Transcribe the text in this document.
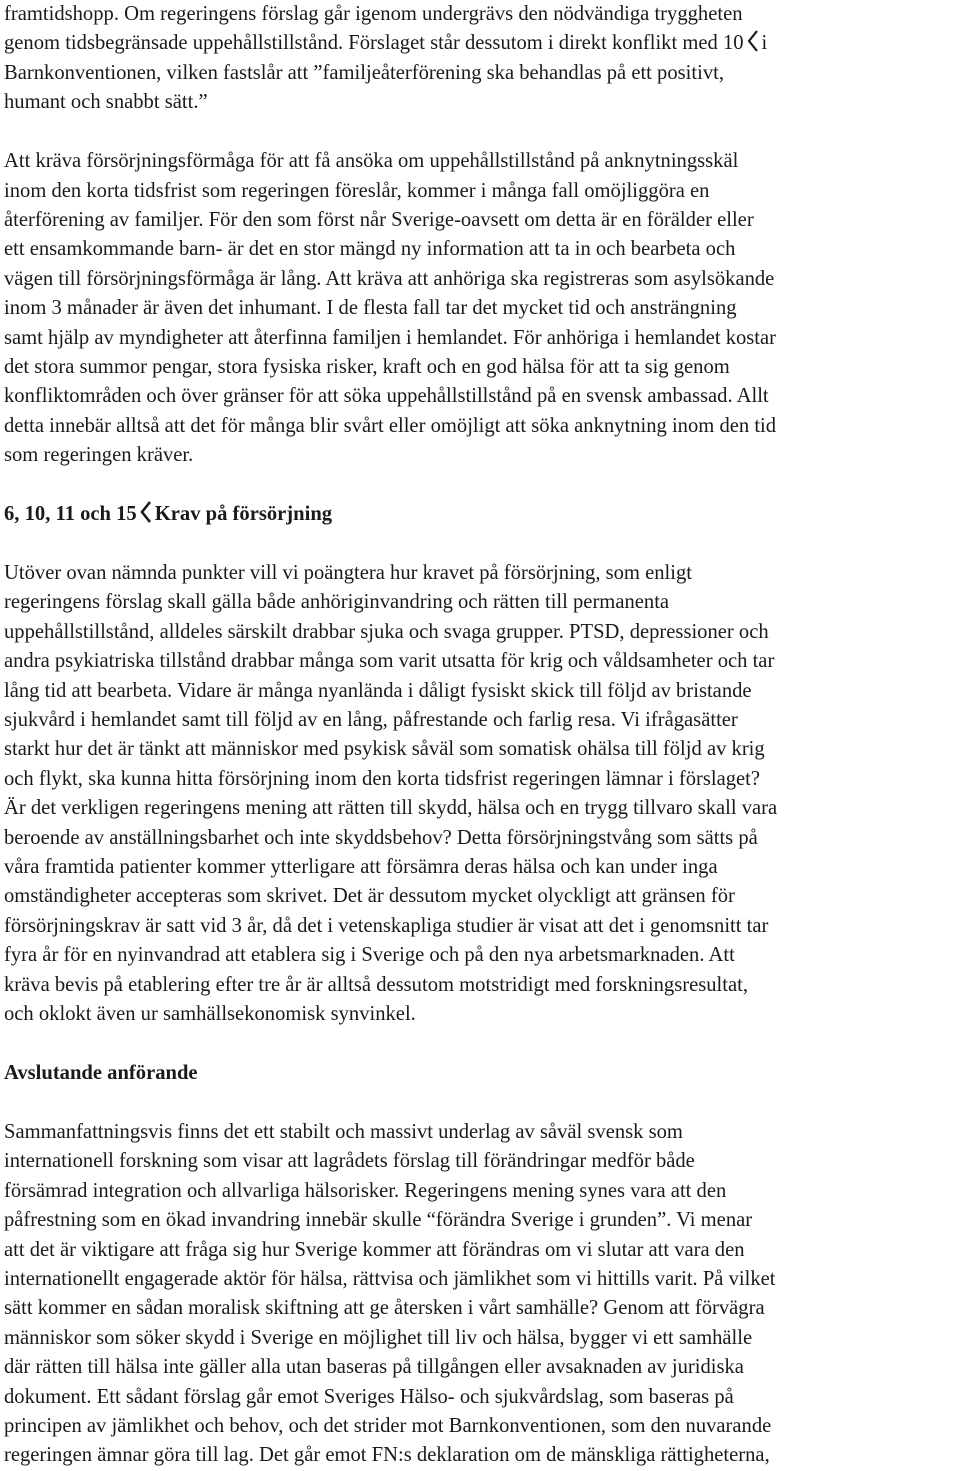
framtidshopp. Om regeringens förslag går igenom undergrävs den nödvändiga tryggheten
genom tidsbegränsade uppehållstillstånd. Förslaget står dessutom i direkt konflikt med 10 i
Barnkonventionen, vilken fastslår att ”familjeåterförening ska behandlas på ett positivt,
humant och snabbt sätt.”

Att kräva försörjningsförmåga för att få ansöka om uppehållstillstånd på anknytningsskäl
inom den korta tidsfrist som regeringen föreslår, kommer i många fall omöjliggöra en
återförening av familjer. För den som först når Sverige-oavsett om detta är en förälder eller
ett ensamkommande barn- är det en stor mängd ny information att ta in och bearbeta och
vägen till försörjningsförmåga är lång. Att kräva att anhöriga ska registreras som asylsökande
inom 3 månader är även det inhumant. I de flesta fall tar det mycket tid och ansträngning
samt hjälp av myndigheter att återfinna familjen i hemlandet. För anhöriga i hemlandet kostar
det stora summor pengar, stora fysiska risker, kraft och en god hälsa för att ta sig genom
konfliktområden och över gränser för att söka uppehållstillstånd på en svensk ambassad. Allt
detta innebär alltså att det för många blir svårt eller omöjligt att söka anknytning inom den tid
som regeringen kräver.

6, 10, 11 och 15 Krav på försörjning

Utöver ovan nämnda punkter vill vi poängtera hur kravet på försörjning, som enligt
regeringens förslag skall gälla både anhöriginvandring och rätten till permanenta
uppehållstillstånd, alldeles särskilt drabbar sjuka och svaga grupper. PTSD, depressioner och
andra psykiatriska tillstånd drabbar många som varit utsatta för krig och våldsamheter och tar
lång tid att bearbeta. Vidare är många nyanlända i dåligt fysiskt skick till följd av bristande
sjukvård i hemlandet samt till följd av en lång, påfrestande och farlig resa. Vi ifrågasätter
starkt hur det är tänkt att människor med psykisk såväl som somatisk ohälsa till följd av krig
och flykt, ska kunna hitta försörjning inom den korta tidsfrist regeringen lämnar i förslaget?
Är det verkligen regeringens mening att rätten till skydd, hälsa och en trygg tillvaro skall vara
beroende av anställningsbarhet och inte skyddsbehov? Detta försörjningstvång som sätts på
våra framtida patienter kommer ytterligare att försämra deras hälsa och kan under inga
omständigheter accepteras som skrivet. Det är dessutom mycket olyckligt att gränsen för
försörjningskrav är satt vid 3 år, då det i vetenskapliga studier är visat att det i genomsnitt tar
fyra år för en nyinvandrad att etablera sig i Sverige och på den nya arbetsmarknaden. Att
kräva bevis på etablering efter tre år är alltså dessutom motstridigt med forskningsresultat,
och oklokt även ur samhällsekonomisk synvinkel.

Avslutande anförande

Sammanfattningsvis finns det ett stabilt och massivt underlag av såväl svensk som
internationell forskning som visar att lagrådets förslag till förändringar medför både
försämrad integration och allvarliga hälsorisker. Regeringens mening synes vara att den
påfrestning som en ökad invandring innebär skulle “förändra Sverige i grunden”. Vi menar
att det är viktigare att fråga sig hur Sverige kommer att förändras om vi slutar att vara den
internationellt engagerade aktör för hälsa, rättvisa och jämlikhet som vi hittills varit. På vilket
sätt kommer en sådan moralisk skiftning att ge återsken i vårt samhälle? Genom att förvägra
människor som söker skydd i Sverige en möjlighet till liv och hälsa, bygger vi ett samhälle
där rätten till hälsa inte gäller alla utan baseras på tillgången eller avsaknaden av juridiska
dokument. Ett sådant förslag går emot Sveriges Hälso- och sjukvårdslag, som baseras på
principen av jämlikhet och behov, och det strider mot Barnkonventionen, som den nuvarande
regeringen ämnar göra till lag. Det går emot FN:s deklaration om de mänskliga rättigheterna,
